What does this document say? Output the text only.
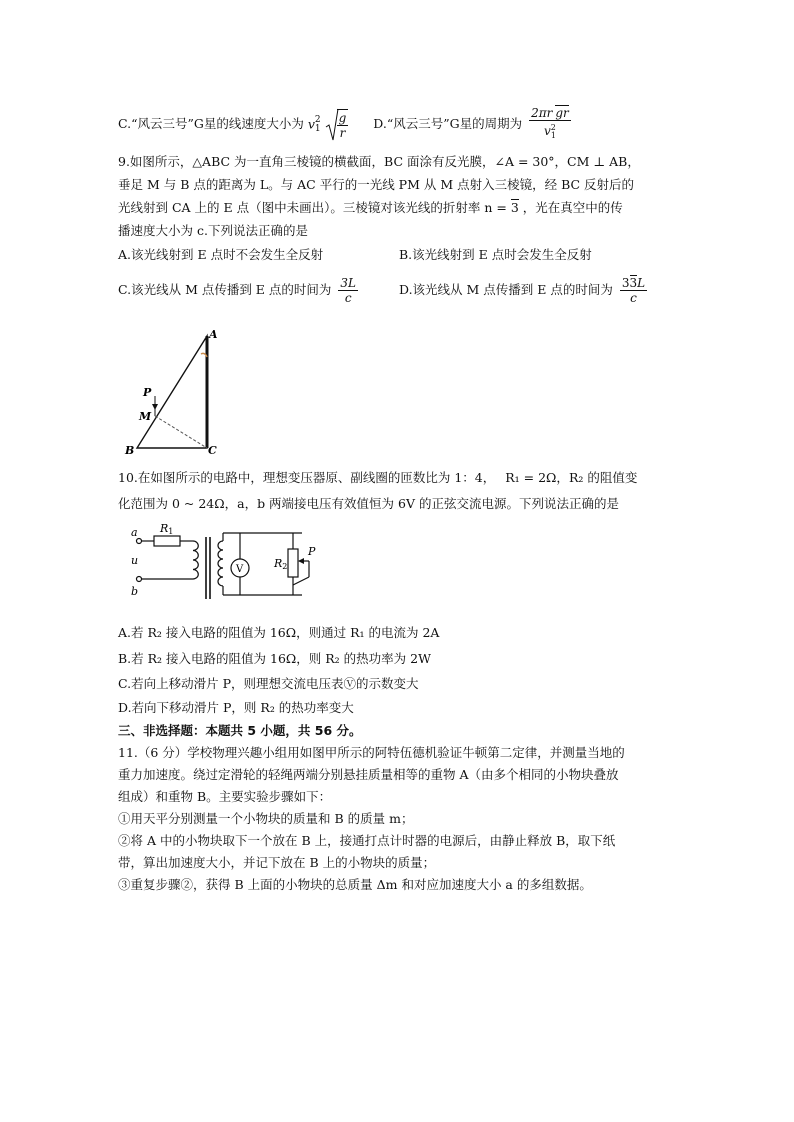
C.“风云三号”G星的线速度大小为 v 2
1
$\frac{g}{r}$ D.“风云三号”G星的周期为 $\frac{\text{2πr gr}}{v^2_1}$
9.如图所示，△ABC 为一直角三棱镜的横截面，BC 面涂有反光膜，∠A = 30°，CM ⊥ AB，
垂足 M 与 B 点的距离为 L。与 AC 平行的一光线 PM 从 M 点射入三棱镜，经 BC 反射后的
光线射到 CA 上的 E 点（图中未画出）。三棱镜对该光线的折射率 n = 3 ，光在真空中的传
播速度大小为 c.下列说法正确的是
A.该光线射到 E 点时不会发生全反射	B.该光线射到 E 点时会发生全反射
C.该光线从 M 点传播到 E 点的时间为 $\frac{3L}{c}$	D.该光线从 M 点传播到 E 点的时间为 $\frac{33L}{c}$
A
P
M
B	C
10.在如图所示的电路中，理想变压器原、副线圈的匝数比为 1：4， R₁ = 2Ω，R₂ 的阻值变
化范围为 0 ~ 24Ω，a，b 两端接电压有效值恒为 6V 的正弦交流电源。下列说法正确的是
a
u
b
R1
V	R2
P
A.若 R₂ 接入电路的阻值为 16Ω，则通过 R₁ 的电流为 2A
B.若 R₂ 接入电路的阻值为 16Ω，则 R₂ 的热功率为 2W
C.若向上移动滑片 P，则理想交流电压表Ⓥ的示数变大
D.若向下移动滑片 P，则 R₂ 的热功率变大
三、非选择题：本题共 5 小题，共 56 分。
11.（6 分）学校物理兴趣小组用如图甲所示的阿特伍德机验证牛顿第二定律，并测量当地的
重力加速度。绕过定滑轮的轻绳两端分别悬挂质量相等的重物 A（由多个相同的小物块叠放
组成）和重物 B。主要实验步骤如下：
①用天平分别测量一个小物块的质量和 B 的质量 m；
②将 A 中的小物块取下一个放在 B 上，接通打点计时器的电源后，由静止释放 B，取下纸
带，算出加速度大小，并记下放在 B 上的小物块的质量；
③重复步骤②，获得 B 上面的小物块的总质量 Δm 和对应加速度大小 a 的多组数据。
